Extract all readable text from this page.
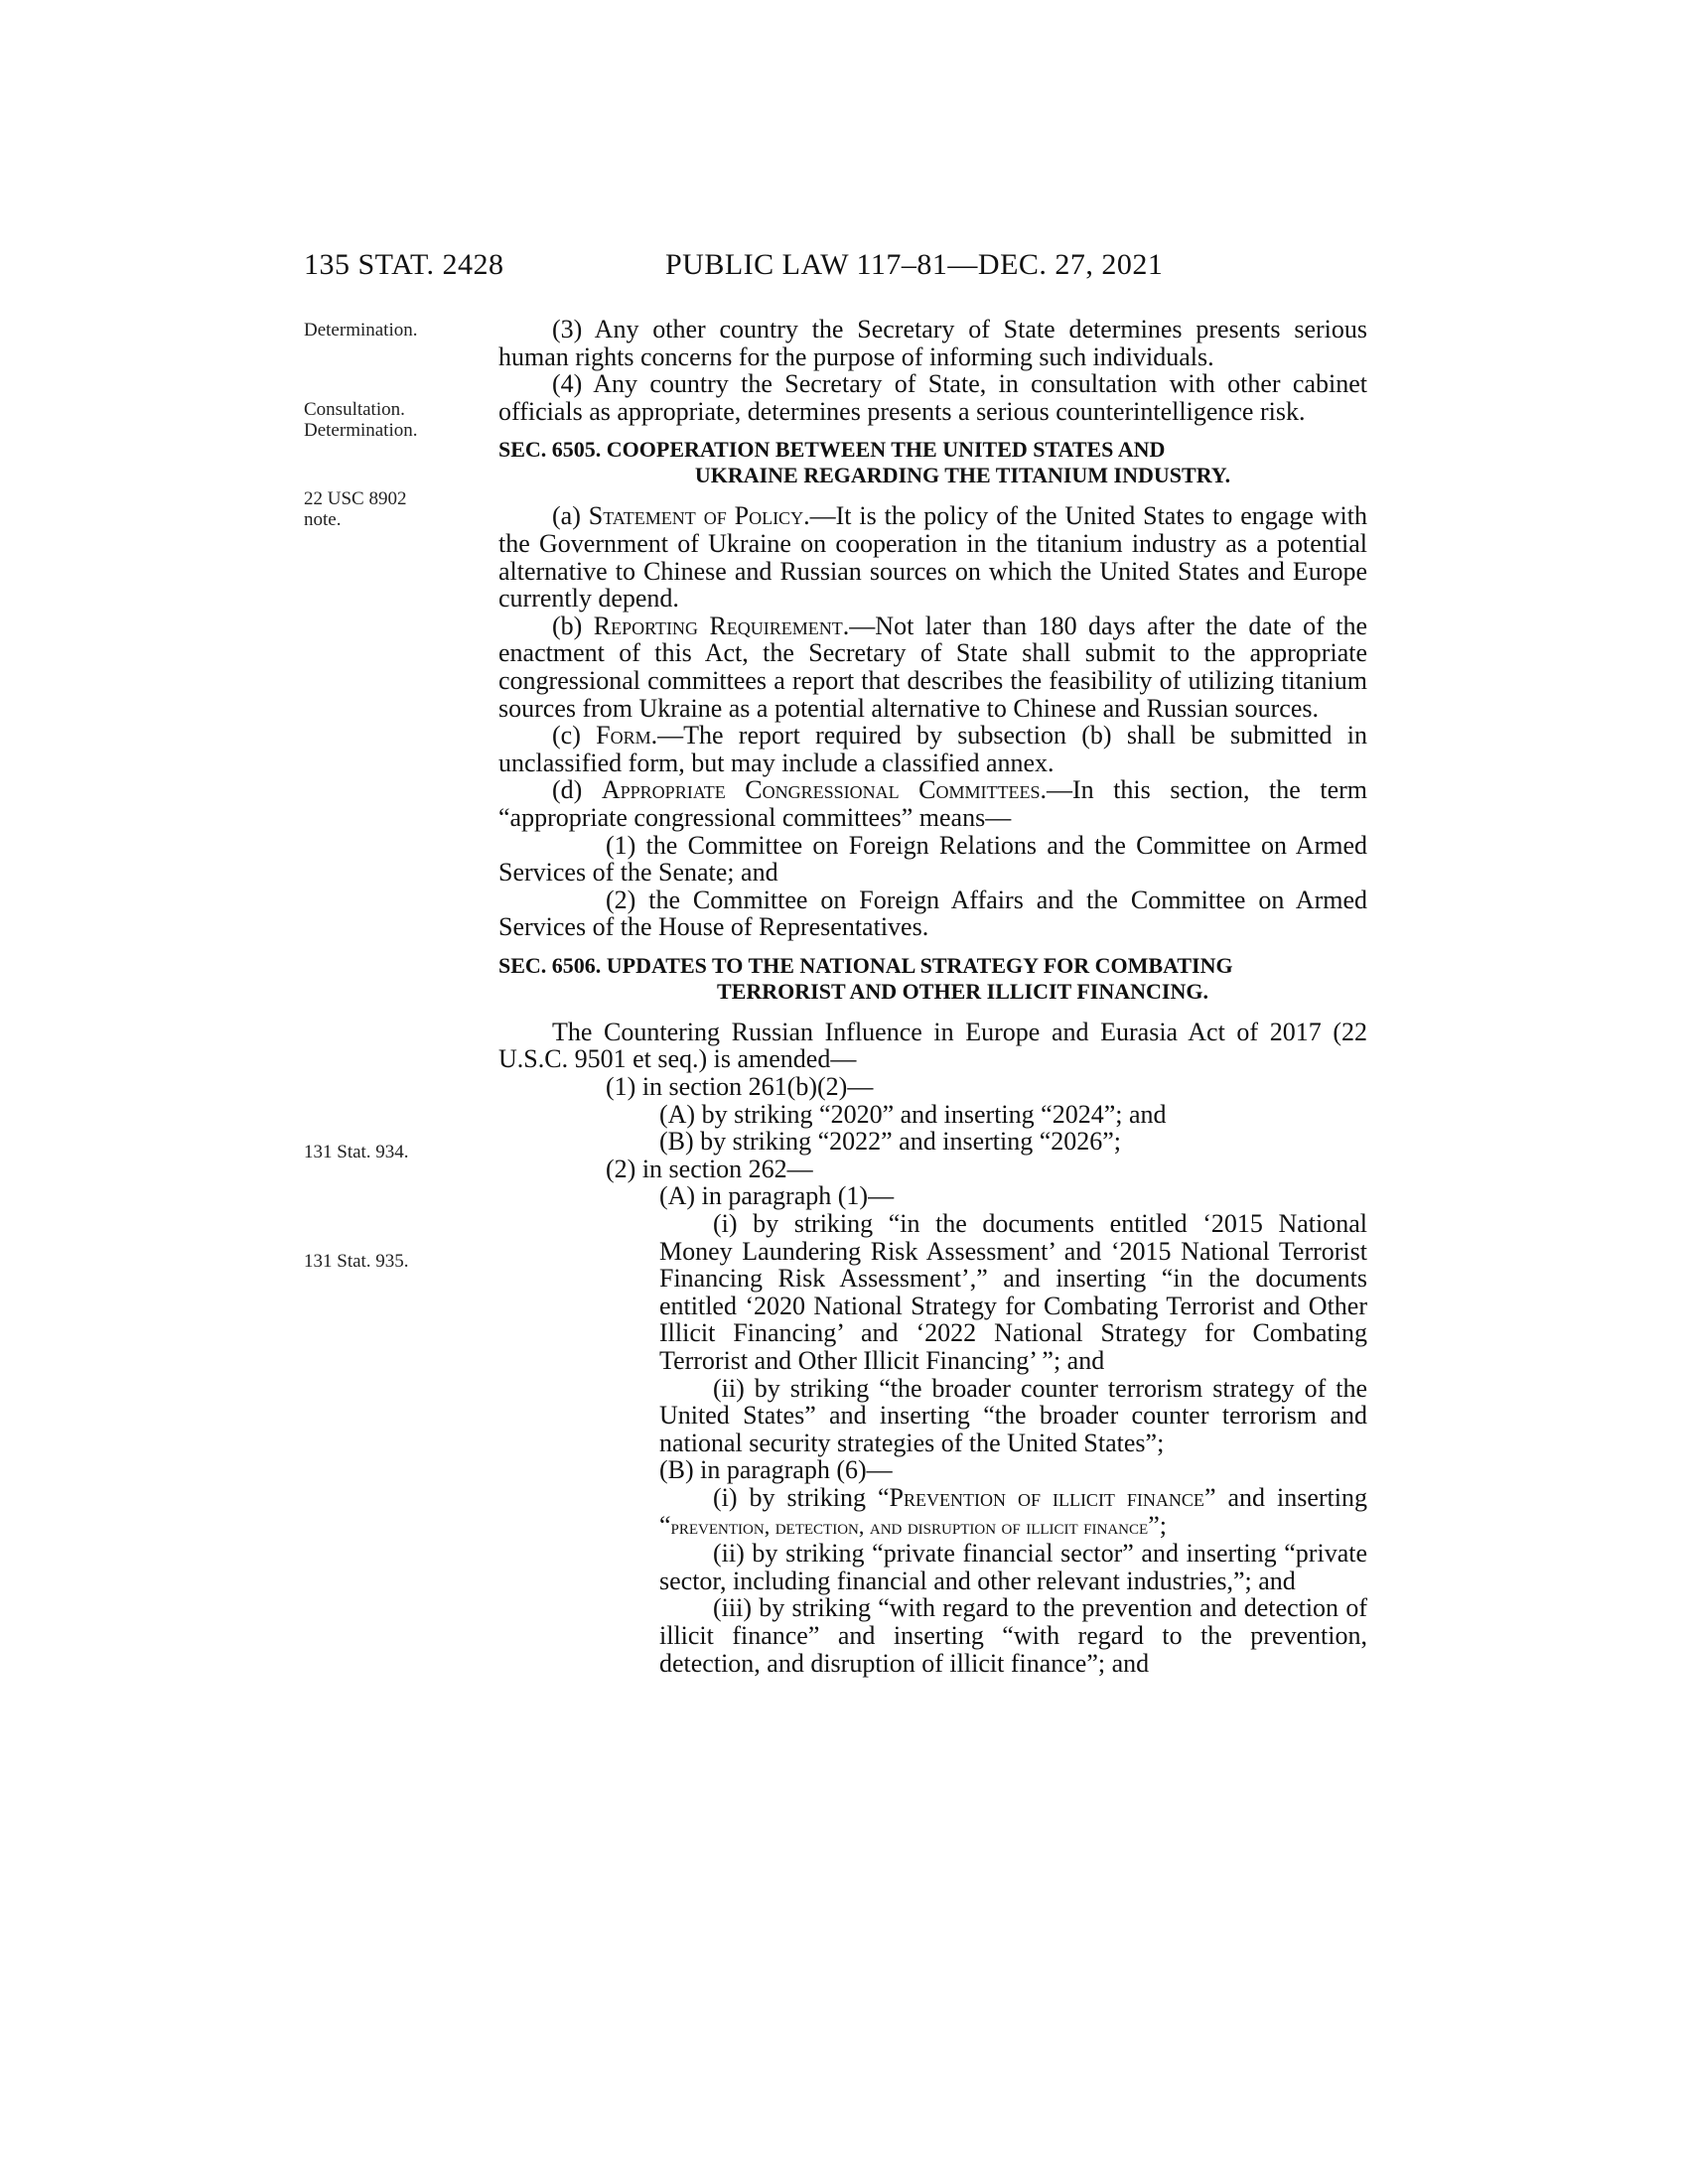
135 STAT. 2428	PUBLIC LAW 117–81—DEC. 27, 2021
Determination.
Consultation.
Determination.
22 USC 8902
note.
131 Stat. 934.
131 Stat. 935.

(3) Any other country the Secretary of State determines presents serious human rights concerns for the purpose of informing such individuals.

(4) Any country the Secretary of State, in consultation with other cabinet officials as appropriate, determines presents a serious counterintelligence risk.

SEC. 6505. COOPERATION BETWEEN THE UNITED STATES AND
UKRAINE REGARDING THE TITANIUM INDUSTRY.

(a) Statement of Policy.—It is the policy of the United States to engage with the Government of Ukraine on cooperation in the titanium industry as a potential alternative to Chinese and Russian sources on which the United States and Europe currently depend.

(b) Reporting Requirement.—Not later than 180 days after the date of the enactment of this Act, the Secretary of State shall submit to the appropriate congressional committees a report that describes the feasibility of utilizing titanium sources from Ukraine as a potential alternative to Chinese and Russian sources.

(c) Form.—The report required by subsection (b) shall be submitted in unclassified form, but may include a classified annex.

(d) Appropriate Congressional Committees.—In this section, the term “appropriate congressional committees” means—

(1) the Committee on Foreign Relations and the Committee on Armed Services of the Senate; and

(2) the Committee on Foreign Affairs and the Committee on Armed Services of the House of Representatives.

SEC. 6506. UPDATES TO THE NATIONAL STRATEGY FOR COMBATING
TERRORIST AND OTHER ILLICIT FINANCING.

The Countering Russian Influence in Europe and Eurasia Act of 2017 (22 U.S.C. 9501 et seq.) is amended—

(1) in section 261(b)(2)—

(A) by striking “2020” and inserting “2024”; and

(B) by striking “2022” and inserting “2026”;

(2) in section 262—

(A) in paragraph (1)—

(i) by striking “in the documents entitled ‘2015 National Money Laundering Risk Assessment’ and ‘2015 National Terrorist Financing Risk Assessment’,” and inserting “in the documents entitled ‘2020 National Strategy for Combating Terrorist and Other Illicit Financing’ and ‘2022 National Strategy for Combating Terrorist and Other Illicit Financing’ ”; and

(ii) by striking “the broader counter terrorism strategy of the United States” and inserting “the broader counter terrorism and national security strategies of the United States”;

(B) in paragraph (6)—

(i) by striking “Prevention of illicit finance” and inserting “prevention, detection, and disruption of illicit finance”;

(ii) by striking “private financial sector” and inserting “private sector, including financial and other relevant industries,”; and

(iii) by striking “with regard to the prevention and detection of illicit finance” and inserting “with regard to the prevention, detection, and disruption of illicit finance”; and
